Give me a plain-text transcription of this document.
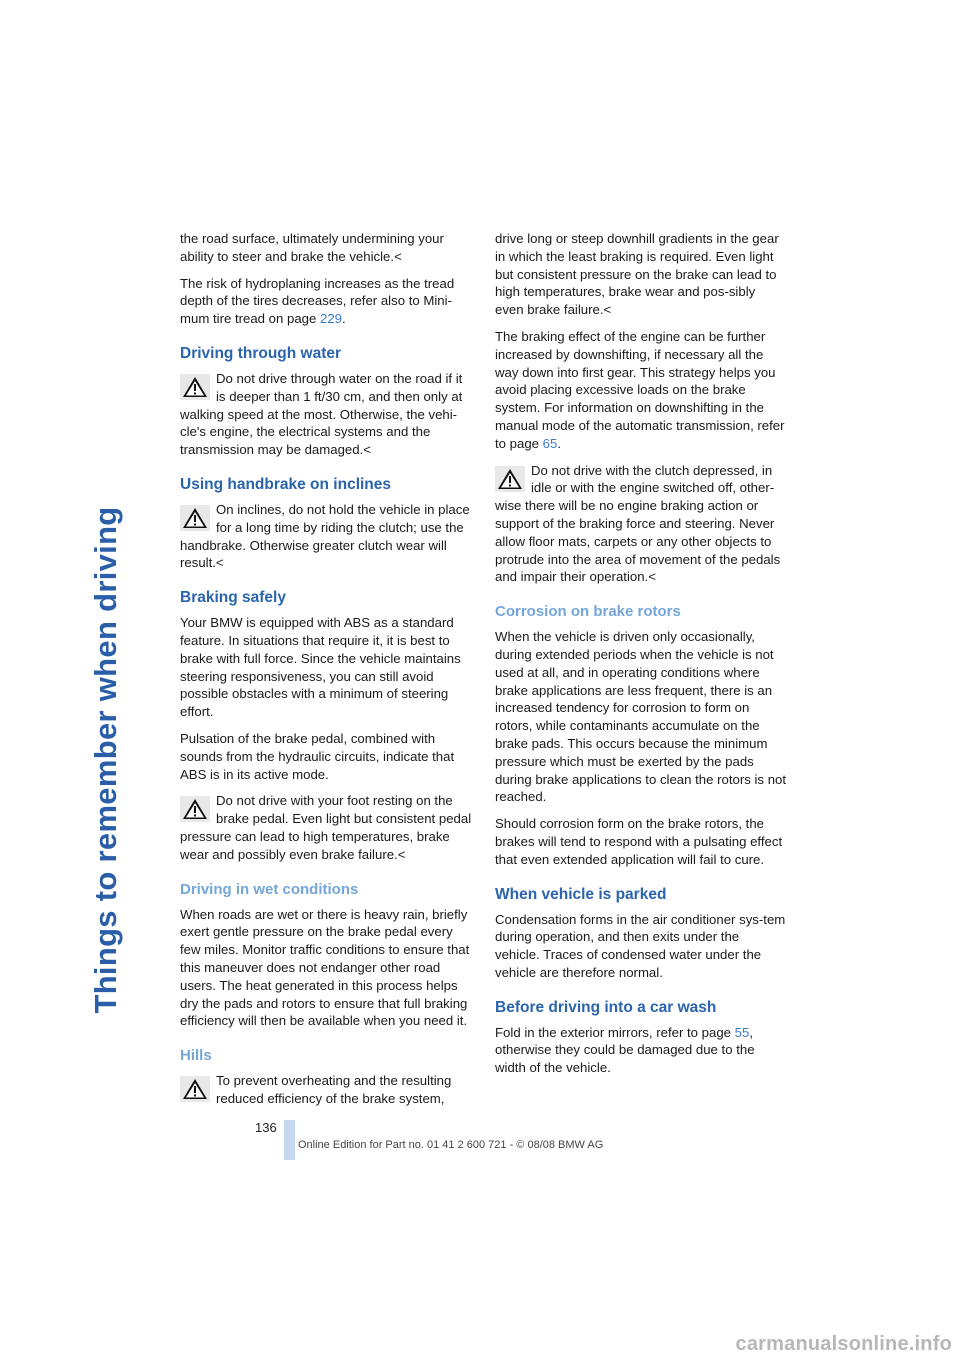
Things to remember when driving

the road surface, ultimately undermining your ability to steer and brake the vehicle.<

The risk of hydroplaning increases as the tread depth of the tires decreases, refer also to Mini-mum tire tread on page 229.

Driving through water
Do not drive through water on the road if it is deeper than 1 ft/30 cm, and then only at walking speed at the most. Otherwise, the vehi-cle's engine, the electrical systems and the transmission may be damaged.<
Using handbrake on inclines
On inclines, do not hold the vehicle in place for a long time by riding the clutch; use the handbrake. Otherwise greater clutch wear will result.<
Braking safely

Your BMW is equipped with ABS as a standard feature. In situations that require it, it is best to brake with full force. Since the vehicle maintains steering responsiveness, you can still avoid possible obstacles with a minimum of steering effort.

Pulsation of the brake pedal, combined with sounds from the hydraulic circuits, indicate that ABS is in its active mode.

Do not drive with your foot resting on the brake pedal. Even light but consistent pedal pressure can lead to high temperatures, brake wear and possibly even brake failure.<
Driving in wet conditions

When roads are wet or there is heavy rain, briefly exert gentle pressure on the brake pedal every few miles. Monitor traffic conditions to ensure that this maneuver does not endanger other road users. The heat generated in this process helps dry the pads and rotors to ensure that full braking efficiency will then be available when you need it.

Hills
To prevent overheating and the resulting reduced efficiency of the brake system,

drive long or steep downhill gradients in the gear in which the least braking is required. Even light but consistent pressure on the brake can lead to high temperatures, brake wear and pos-sibly even brake failure.<

The braking effect of the engine can be further increased by downshifting, if necessary all the way down into first gear. This strategy helps you avoid placing excessive loads on the brake system. For information on downshifting in the manual mode of the automatic transmission, refer to page 65.

Do not drive with the clutch depressed, in idle or with the engine switched off, other-wise there will be no engine braking action or support of the braking force and steering. Never allow floor mats, carpets or any other objects to protrude into the area of movement of the pedals and impair their operation.<
Corrosion on brake rotors

When the vehicle is driven only occasionally, during extended periods when the vehicle is not used at all, and in operating conditions where brake applications are less frequent, there is an increased tendency for corrosion to form on rotors, while contaminants accumulate on the brake pads. This occurs because the minimum pressure which must be exerted by the pads during brake applications to clean the rotors is not reached.

Should corrosion form on the brake rotors, the brakes will tend to respond with a pulsating effect that even extended application will fail to cure.

When vehicle is parked

Condensation forms in the air conditioner sys-tem during operation, and then exits under the vehicle. Traces of condensed water under the vehicle are therefore normal.

Before driving into a car wash

Fold in the exterior mirrors, refer to page 55, otherwise they could be damaged due to the width of the vehicle.

136
Online Edition for Part no. 01 41 2 600 721 - © 08/08 BMW AG
carmanualsonline.info
